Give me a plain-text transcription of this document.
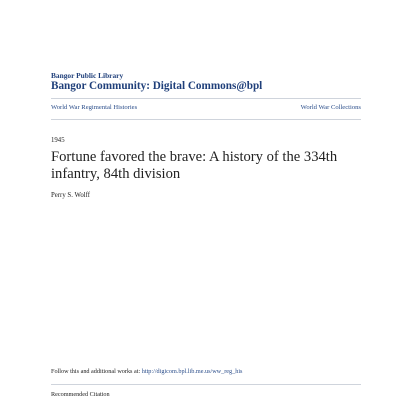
Bangor Public Library
Bangor Community: Digital Commons@bpl
World War Regimental Histories	World War Collections
1945
Fortune favored the brave: A history of the 334th infantry, 84th division
Perry S. Wolff
Follow this and additional works at: http://digicom.bpl.lib.me.us/ww_reg_his
Recommended Citation
